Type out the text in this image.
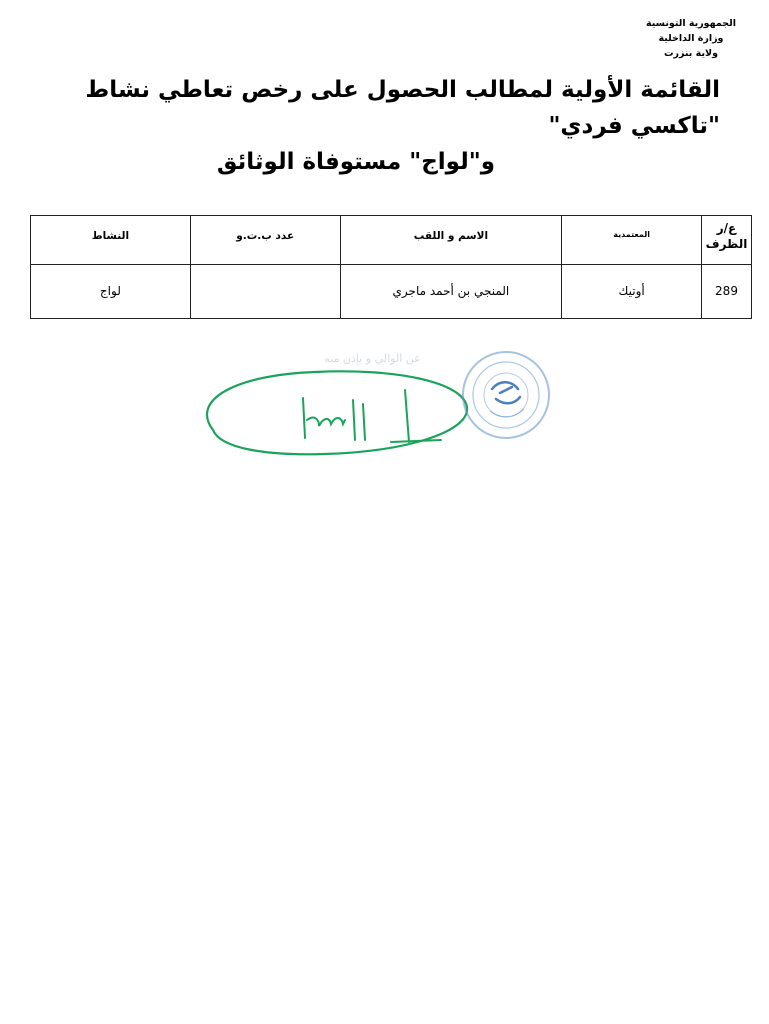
الجمهورية التونسية
وزارة الداخلية
ولاية بنزرت
القائمة الأولية لمطالب الحصول على رخص تعاطي نشاط "تاكسي فردي"
و"لواج" مستوفاة الوثائق
ع/ر الظرف	المعتمدية	الاسم و اللقب	عدد ب.ت.و	النشاط
289	أوتيك	المنجي بن أحمد ماجري		لواج
عن الوالي و بإذن منه
